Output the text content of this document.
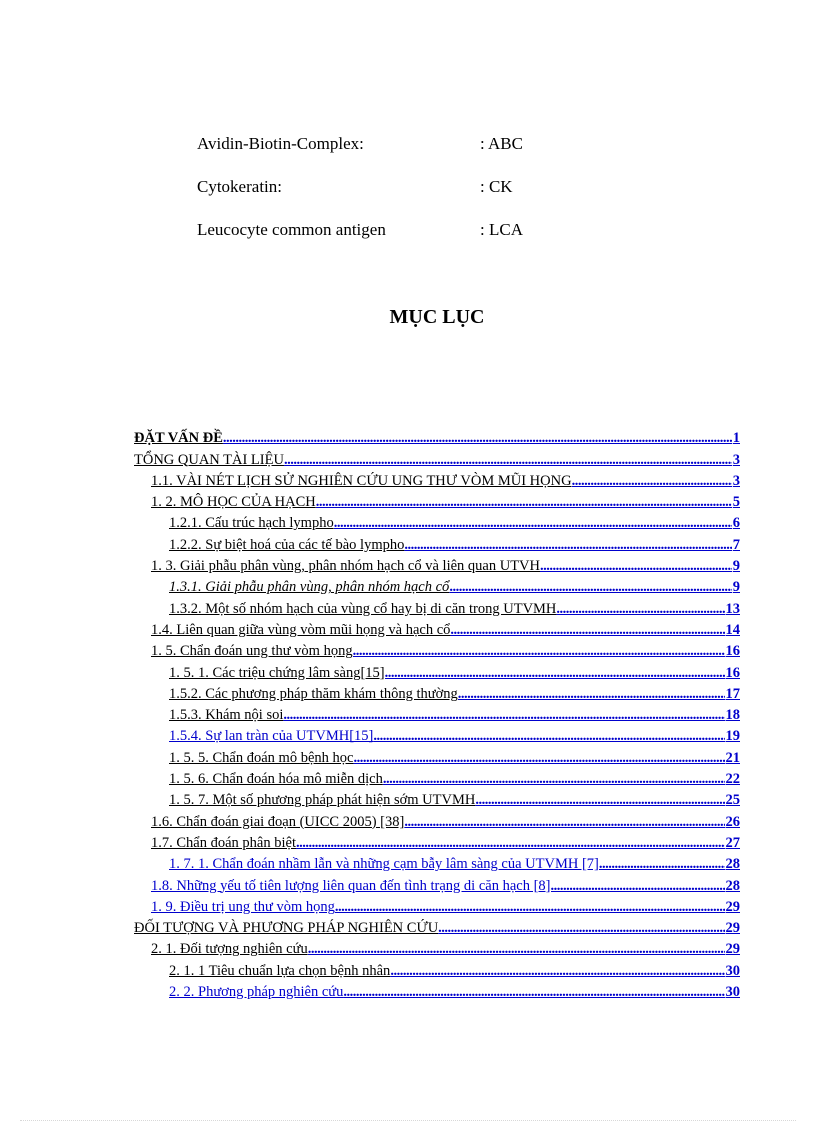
Avidin-Biotin-Complex:	: ABC
Cytokeratin:	: CK
Leucocyte common antigen	: LCA
MỤC LỤC
ĐẶT VẤN ĐỀ .....	1
TỔNG QUAN TÀI LIỆU .....	3
1.1. VÀI NÉT LỊCH SỬ NGHIÊN CỨU UNG THƯ VÒM MŨI HỌNG .....	3
1. 2. MÔ HỌC CỦA HẠCH .....	5
1.2.1. Cấu trúc hạch lympho .....	6
1.2.2. Sự biệt hoá của các tế bào lympho .....	7
1. 3. Giải phẫu phân vùng, phân nhóm hạch cổ và liên quan UTVH .....	9
1.3.1. Giải phẫu phân vùng, phân nhóm hạch cổ .....	9
1.3.2. Một số nhóm hạch của vùng cổ hay bị di căn trong UTVMH .....	13
1.4. Liên quan giữa vùng vòm mũi họng và hạch cổ .....	14
1. 5. Chẩn đoán ung thư vòm họng .....	16
1. 5. 1. Các triệu chứng lâm sàng[15] .....	16
1.5.2. Các phương pháp thăm khám thông thường .....	17
1.5.3. Khám nội soi .....	18
1.5.4. Sự lan tràn của UTVMH[15] .....	19
1. 5. 5. Chẩn đoán mô bệnh học .....	21
1. 5. 6. Chẩn đoán hóa mô miễn dịch .....	22
1. 5. 7. Một số phương pháp phát hiện sớm UTVMH .....	25
1.6. Chẩn đoán giai đoạn (UICC 2005) [38] .....	26
1.7. Chẩn đoán phân biệt .....	27
1. 7. 1. Chẩn đoán nhầm lẫn và những cạm bẫy lâm sàng của UTVMH [7] .....	28
1.8. Những yếu tố tiên lượng liên quan đến tình trạng di căn hạch [8] .....	28
1. 9. Điều trị ung thư vòm họng .....	29
ĐỐI TƯỢNG VÀ PHƯƠNG PHÁP NGHIÊN CỨU .....	29
2. 1. Đối tượng nghiên cứu .....	29
2. 1. 1 Tiêu chuẩn lựa chọn bệnh nhân .....	30
2. 2. Phương pháp nghiên cứu .....	30
